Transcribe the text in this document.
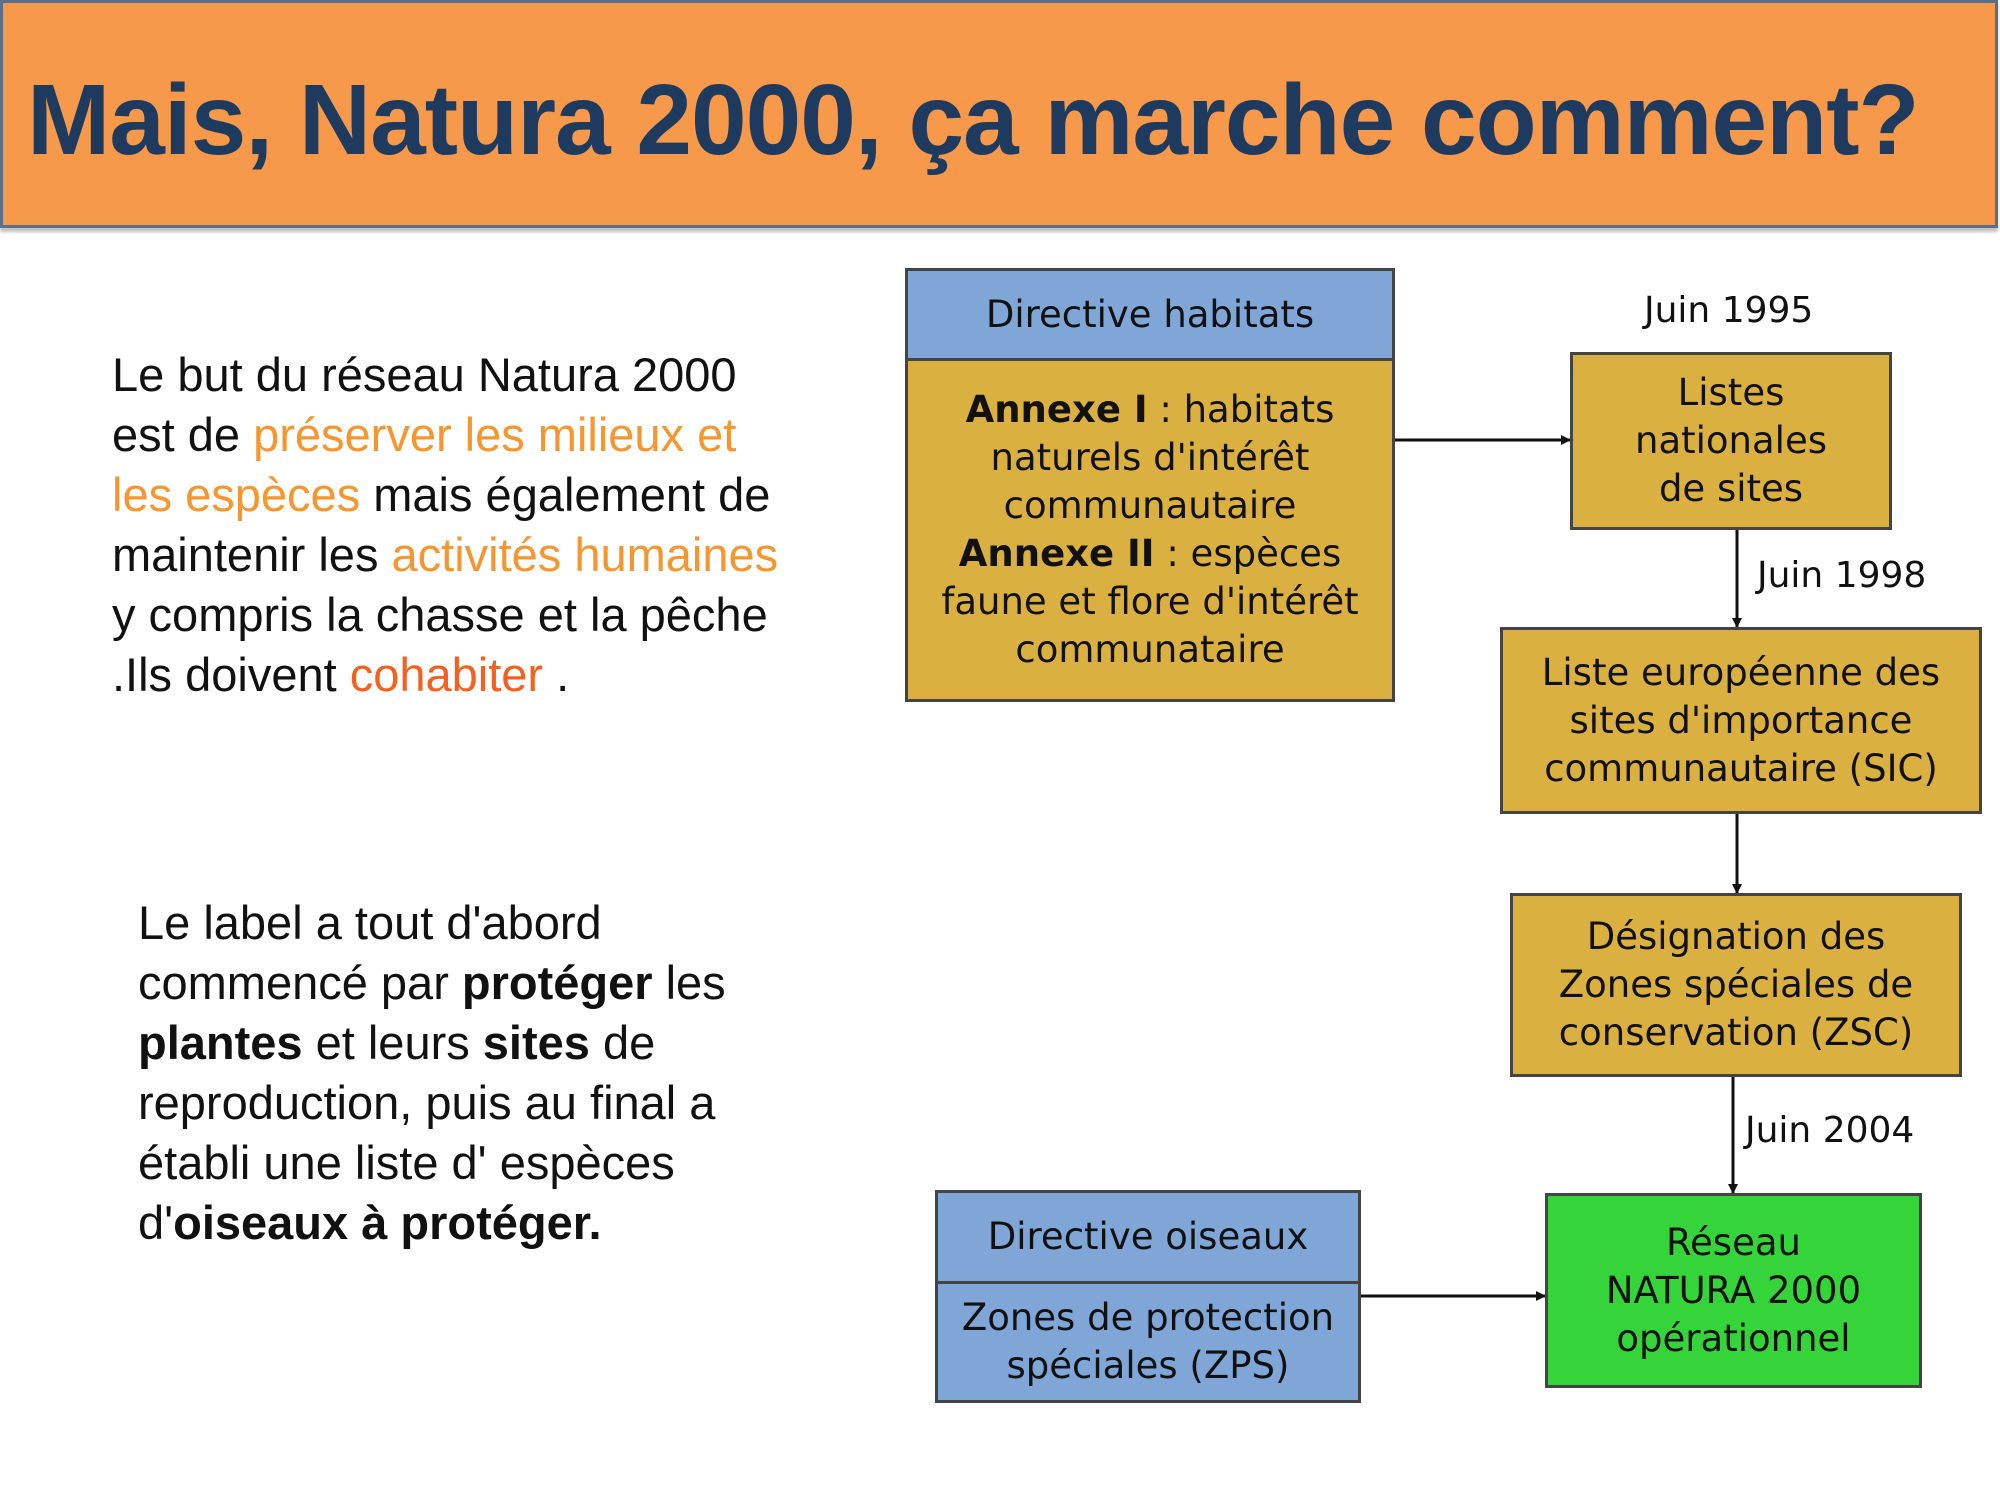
Mais, Natura 2000, ça marche comment?
Le but du réseau Natura 2000 est de préserver les milieux et les espèces mais également de maintenir les activités humaines y compris la chasse et la pêche .Ils doivent cohabiter .
Le label a tout d'abord commencé par protéger les plantes et leurs sites de reproduction, puis au final a établi une liste d' espèces d'oiseaux à protéger.
Directive habitats
Annexe I : habitats naturels d'intérêt communautaire
Annexe II : espèces faune et flore d'intérêt communataire
Listes nationales de sites
Liste européenne des sites d'importance communautaire (SIC)
Désignation des Zones spéciales de conservation (ZSC)
Réseau NATURA 2000 opérationnel
Directive oiseaux
Zones de protection spéciales (ZPS)
Juin 1995
Juin 1998
Juin 2004
